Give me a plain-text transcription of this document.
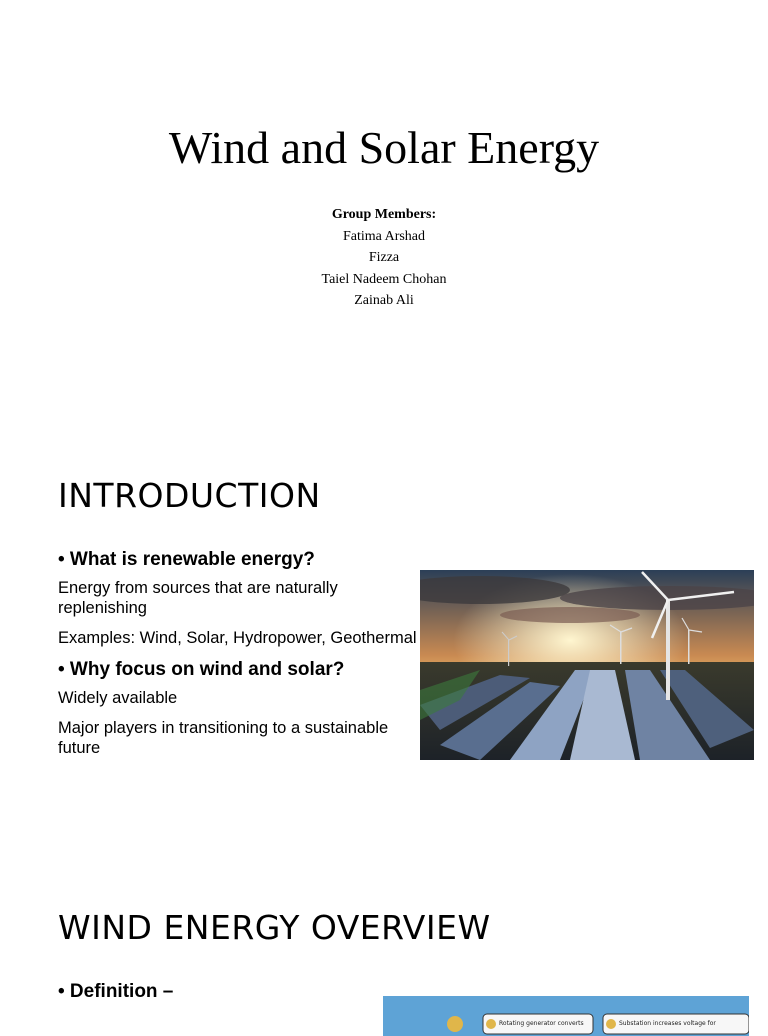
Wind and Solar Energy
Group Members:
Fatima Arshad
Fizza
Taiel Nadeem Chohan
Zainab Ali
INTRODUCTION
• What is renewable energy?
Energy from sources that are naturally replenishing
Examples: Wind, Solar, Hydropower, Geothermal
• Why focus on wind and solar?
Widely available
Major players in transitioning to a sustainable future
WIND ENERGY OVERVIEW
• Definition –
Rotating generator converts	Substation increases voltage for
